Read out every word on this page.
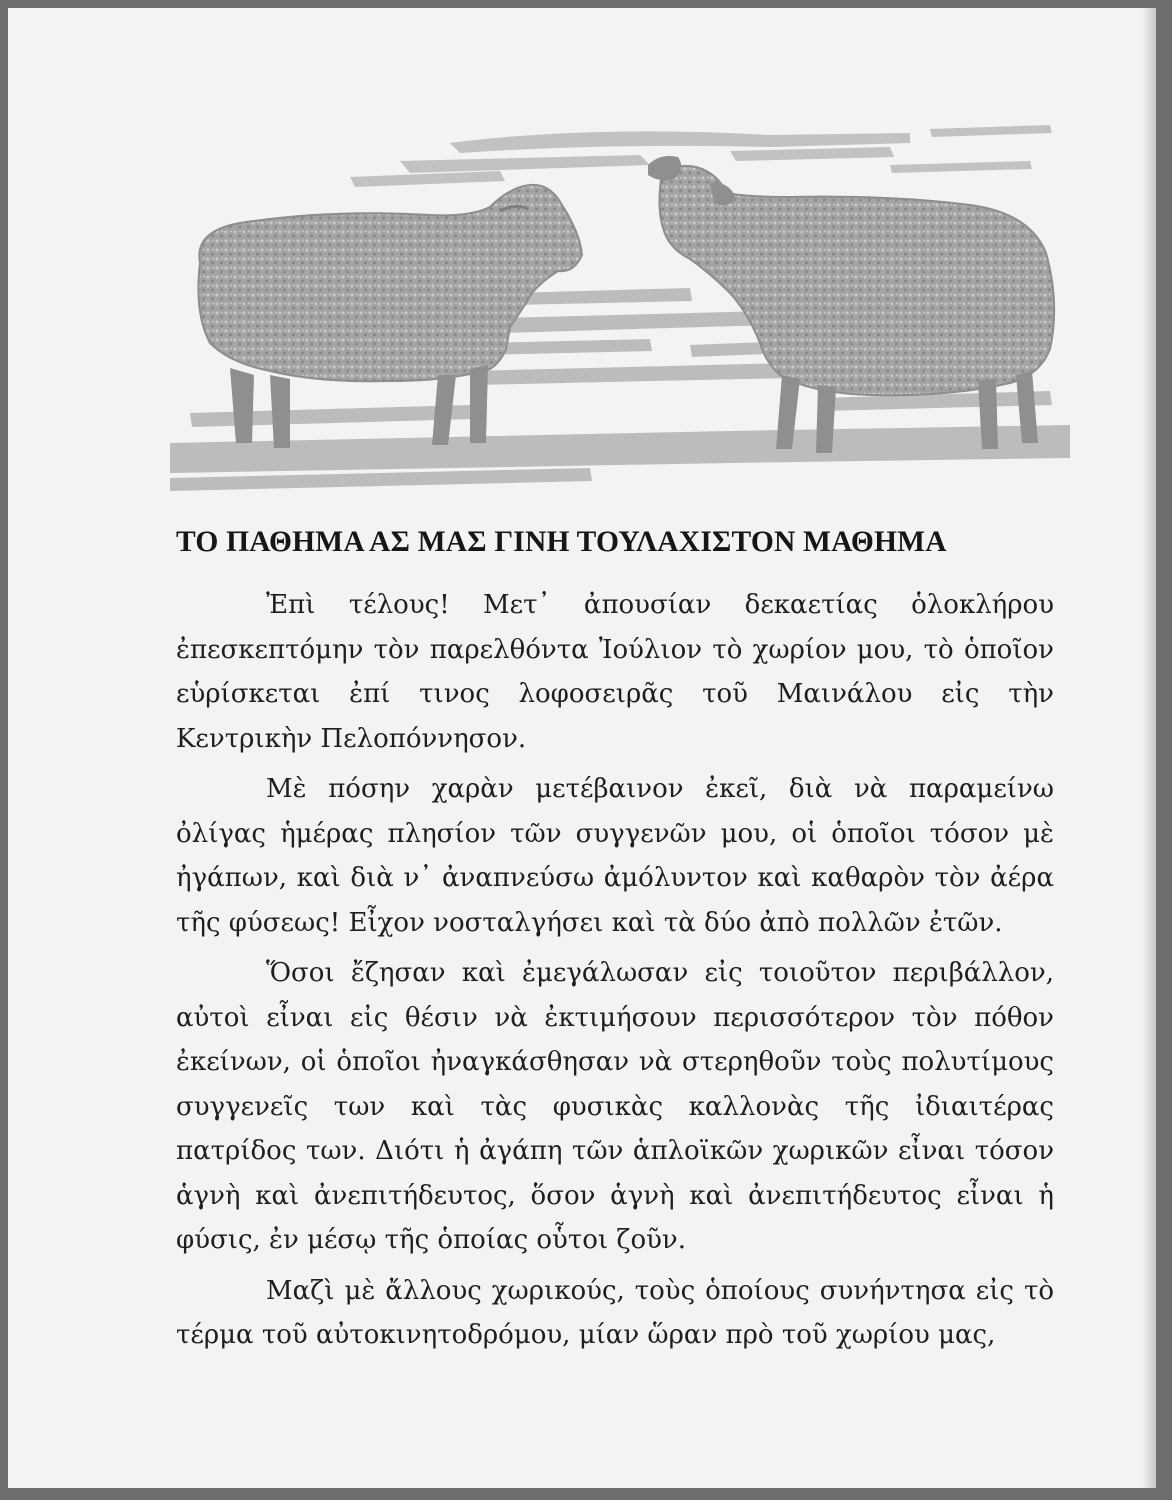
ΤΟ ΠΑΘΗΜΑ ΑΣ ΜΑΣ ΓΙΝΗ ΤΟΥΛΑΧΙΣΤΟΝ ΜΑΘΗΜΑ

Ἐπὶ τέλους! Μετ᾽ ἀπουσίαν δεκαετίας ὁλοκλήρου ἐπεσκεπτόμην τὸν παρελθόντα Ἰούλιον τὸ χωρίον μου, τὸ ὁποῖον εὑρίσκεται ἐπί τινος λοφοσειρᾶς τοῦ Μαινάλου εἰς τὴν Κεντρικὴν Πελοπόννησον.

Μὲ πόσην χαρὰν μετέβαινον ἐκεῖ, διὰ νὰ παραμείνω ὀλίγας ἡμέρας πλησίον τῶν συγγενῶν μου, οἱ ὁποῖοι τόσον μὲ ἠγάπων, καὶ διὰ ν᾽ ἀναπνεύσω ἀμόλυντον καὶ καθαρὸν τὸν ἀέρα τῆς φύσεως! Εἶχον νοσταλγήσει καὶ τὰ δύο ἀπὸ πολλῶν ἐτῶν.

Ὅσοι ἔζησαν καὶ ἐμεγάλωσαν εἰς τοιοῦτον περιβάλλον, αὐτοὶ εἶναι εἰς θέσιν νὰ ἐκτιμήσουν περισσότερον τὸν πόθον ἐκείνων, οἱ ὁποῖοι ἠναγκάσθησαν νὰ στερηθοῦν τοὺς πολυτίμους συγγενεῖς των καὶ τὰς φυσικὰς καλλονὰς τῆς ἰδιαιτέρας πατρίδος των. Διότι ἡ ἀγάπη τῶν ἁπλοϊκῶν χωρικῶν εἶναι τόσον ἁγνὴ καὶ ἀνεπιτήδευτος, ὅσον ἁγνὴ καὶ ἀνεπιτήδευτος εἶναι ἡ φύσις, ἐν μέσῳ τῆς ὁποίας οὗτοι ζοῦν.

Μαζὶ μὲ ἄλλους χωρικούς, τοὺς ὁποίους συνήντησα εἰς τὸ τέρμα τοῦ αὐτοκινητοδρόμου, μίαν ὥραν πρὸ τοῦ χωρίου μας,
